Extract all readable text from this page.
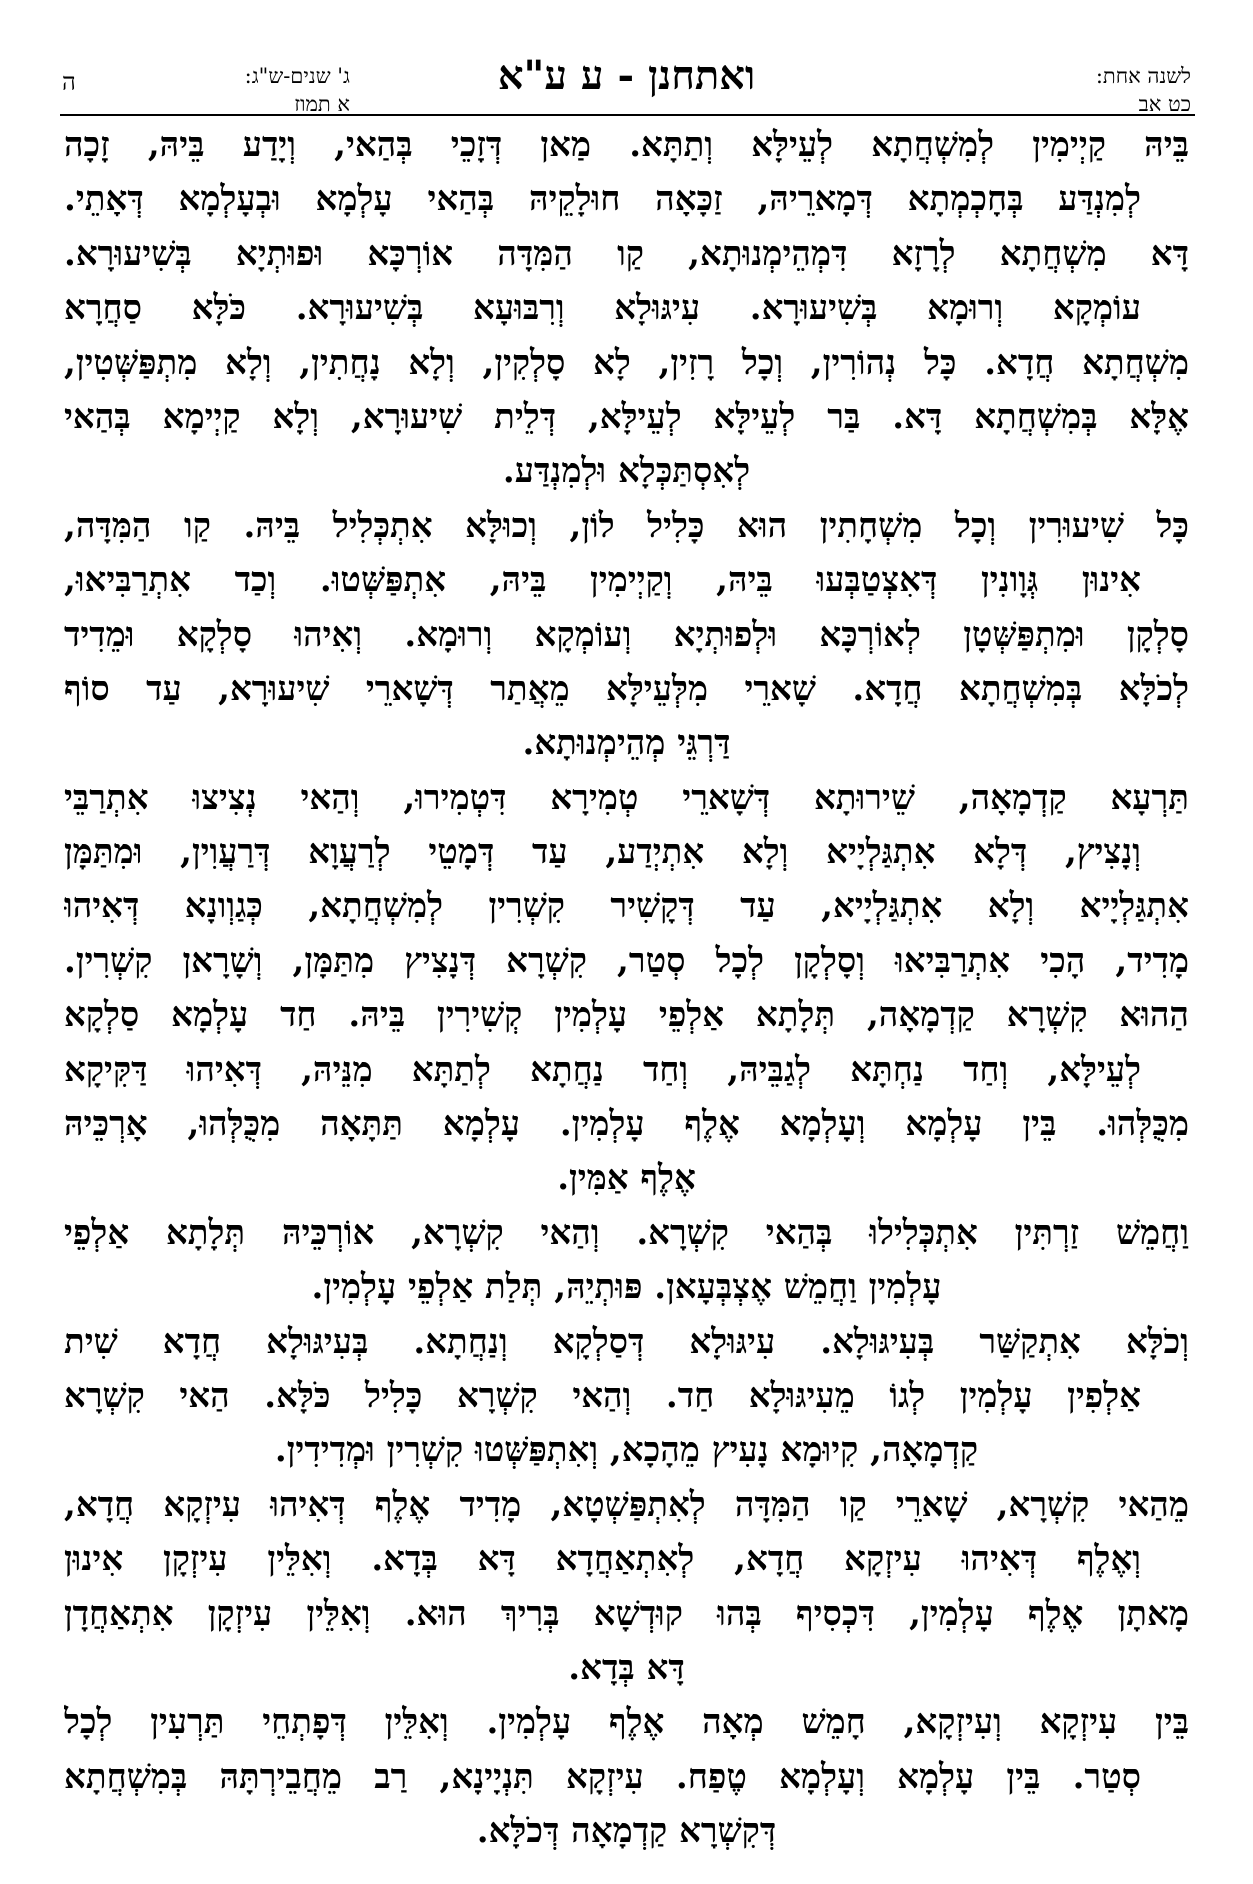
לשנה אחת:
כט אב
ואתחנן - ע ע"א
ג' שנים-ש"ג:
א תמוז
ה
בֵּיהּ קַיְימִין לְמִשְׁחֲתָא לְעֵילָּא וְתַתָּא. מַאן דְּזָכֵי בְּהַאי, וְיָדַע בֵּיהּ, זָכָה
לְמִנְדַּע בְּחָכְמְתָא דְּמָארֵיהּ, זַכָּאָה חוּלָקֵיהּ בְּהַאי עָלְמָא וּבְעָלְמָא דְּאָתֵי.
דָּא מִשְׁחֲתָא לְרָזָא דִּמְהֵימְנוּתָא, קַו הַמִּדָּה אוֹרְכָּא וּפוּתְיָא בְּשִׁיעוּרָא.
עוֹמְקָא וְרוּמָא בְּשִׁיעוּרָא. עִיגּוּלָא וְרִבּוּעָא בְּשִׁיעוּרָא. כֹּלָּא סַחֲרָא
מִשְׁחֲתָא חֲדָא. כָּל נְהוֹרִין, וְכָל רָזִין, לָא סָלְקִין, וְלָא נָחֲתִין, וְלָא מִתְפַּשְּׁטִין,
אֶלָּא בְּמִשְׁחֲתָא דָּא. בַּר לְעֵילָּא לְעֵילָּא, דְּלֵית שִׁיעוּרָא, וְלָא קַיְימָא בְּהַאי
לְאִסְתַּכְּלָא וּלְמִנְדַּע.
כָּל שִׁיעוּרִין וְכָל מִשְׁחָתִין הוּא כָּלִיל לוֹן, וְכוּלָּא אִתְכְּלִיל בֵּיהּ. קַו הַמִּדָּה,
אִינוּן גְּוָונִין דְּאִצְטַבְּעוּ בֵּיהּ, וְקַיְימִין בֵּיהּ, אִתְפַּשְּׁטוּ. וְכַד אִתְרַבִּיאוּ,
סָלְקָן וּמִתְפַּשְּׁטָן לְאוֹרְכָּא וּלְפוּתְיָא וְעוֹמְקָא וְרוּמָא. וְאִיהוּ סָלְקָא וּמֵדִיד
לְכֹלָּא בְּמִשְׁחֲתָא חֲדָא. שָׁארֵי מִלְּעֵילָּא מֵאֲתַר דְּשָׁארֵי שִׁיעוּרָא, עַד סוֹף
דַּרְגֵּי מְהֵימְנוּתָא.
תַּרְעָא קַדְמָאָה, שֵׁירוּתָא דְּשָׁארֵי טְמִירָא דִּטְמִירוּ, וְהַאי נְצִיצוּ אִתְרַבֵּי
וְנָצִיץ, דְּלָא אִתְגַּלְיָיא וְלָא אִתְיְדַע, עַד דְּמָטֵי לְרַעֲוָא דְּרַעֲוִין, וּמִתַּמָּן
אִתְגַּלְיָיא וְלָא אִתְגַּלְיָיא, עַד דְּקָשִׁיר קִשְׁרִין לְמִשְׁחֲתָא, כְּגַוְונָא דְּאִיהוּ
מָדִיד, הָכִי אִתְרַבִּיאוּ וְסָלְקָן לְכָל סְטַר, קִשְׁרָא דְּנָצִיץ מִתַּמָּן, וְשָׁרָאן קִשְׁרִין.
הַהוּא קִשְׁרָא קַדְמָאָה, תְּלָתָא אַלְפֵי עָלְמִין קְשִׁירִין בֵּיהּ. חַד עָלְמָא סַלְקָא
לְעֵילָּא, וְחַד נַחְתָּא לְגַבֵּיהּ, וְחַד נַחֲתָא לְתַתָּא מִנֵּיהּ, דְּאִיהוּ דַּקִּיקָא
מִכֻּלְּהוּ. בֵּין עָלְמָא וְעָלְמָא אֶלֶף עָלְמִין. עָלְמָא תַּתָּאָה מִכֻּלְּהוּ, אָרְכֵּיהּ
אֶלֶף אַמִּין.
וַחֲמֵשׁ זַרְתִּין אִתְכְּלִילוּ בְּהַאי קִשְׁרָא. וְהַאי קִשְׁרָא, אוֹרְכֵּיהּ תְּלָתָא אַלְפֵי
עָלְמִין וַחֲמֵשׁ אֶצְבְּעָאן. פּוּתְיֵהּ, תְּלַת אַלְפֵי עָלְמִין.
וְכֹלָּא אִתְקַשַּׁר בְּעִיגּוּלָא. עִיגּוּלָא דְּסַלְקָא וְנַחֲתָא. בְּעִיגּוּלָא חֲדָא שִׁית
אַלְפִין עָלְמִין לְגוֹ מֵעִיגּוּלָא חַד. וְהַאי קִשְׁרָא כָּלִיל כֹּלָּא. הַאי קִשְׁרָא
קַדְמָאָה, קִיוּמָא נָעִיץ מֵהָכָא, וְאִתְפַּשְּׁטוּ קִשְׁרִין וּמְדִידִין.
מֵהַאי קִשְׁרָא, שָׁארֵי קַו הַמִּדָּה לְאִתְפַּשְׁטָא, מָדִיד אֶלֶף דְּאִיהוּ עִיזְקָא חֲדָא,
וְאֶלֶף דְּאִיהוּ עִיזְקָא חֲדָא, לְאִתְאַחֲדָא דָּא בְּדָא. וְאִלֵּין עִיזְקָן אִינוּן
מָאתָן אֶלֶף עָלְמִין, דִּכְסִיף בְּהוּ קוּדְשָׁא בְּרִיךְ הוּא. וְאִלֵּין עִיזְקָן אִתְאַחֲדָן
דָּא בְּדָא.
בֵּין עִיזְקָא וְעִיזְקָא, חָמֵשׁ מְאָה אֶלֶף עָלְמִין. וְאִלֵּין דְּפָתְחֵי תַּרְעִין לְכָל
סְטַר. בֵּין עָלְמָא וְעָלְמָא טֶפַח. עִיזְקָא תִּנְיָינָא, רַב מֵחֲבֵירְתָּהּ בְּמִשְׁחֲתָא
דְּקִשְׁרָא קַדְמָאָה דְּכֹלָּא.
